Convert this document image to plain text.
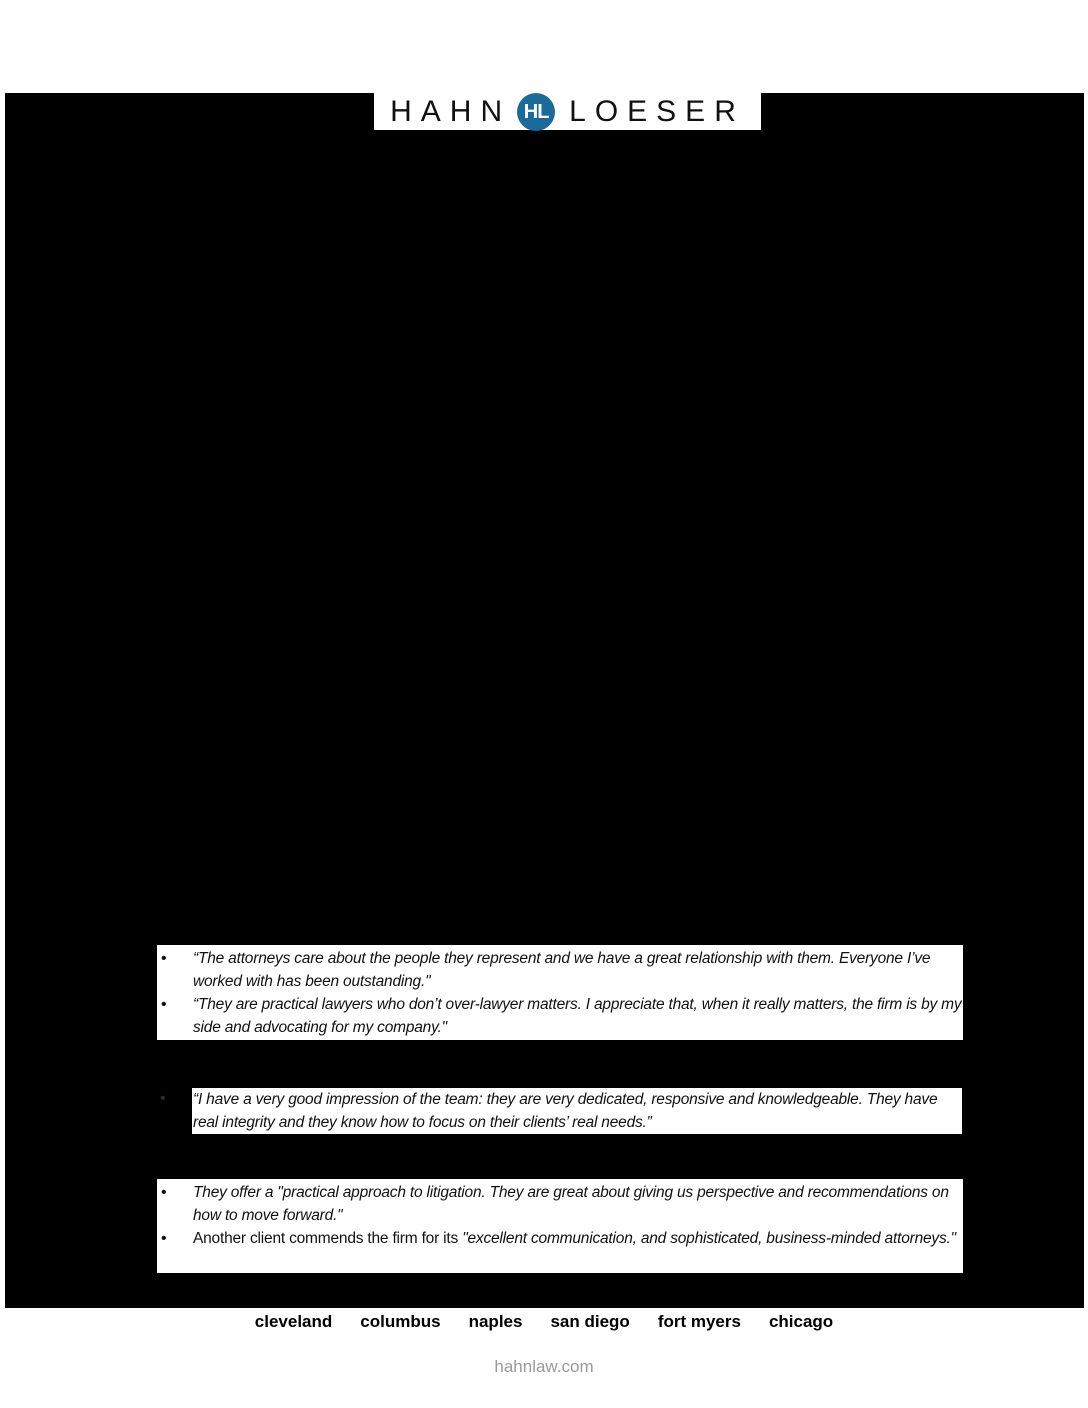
HAHN HL LOESER
• “The attorneys care about the people they represent and we have a great relationship with them. Everyone I’ve worked with has been outstanding."
• “They are practical lawyers who don’t over-lawyer matters. I appreciate that, when it really matters, the firm is by my side and advocating for my company."
• “I have a very good impression of the team: they are very dedicated, responsive and knowledgeable. They have real integrity and they know how to focus on their clients’ real needs.”
• They offer a "practical approach to litigation. They are great about giving us perspective and recommendations on how to move forward."
• Another client commends the firm for its "excellent communication, and sophisticated, business-minded attorneys."
cleveland columbus naples san diego fort myers chicago
hahnlaw.com
